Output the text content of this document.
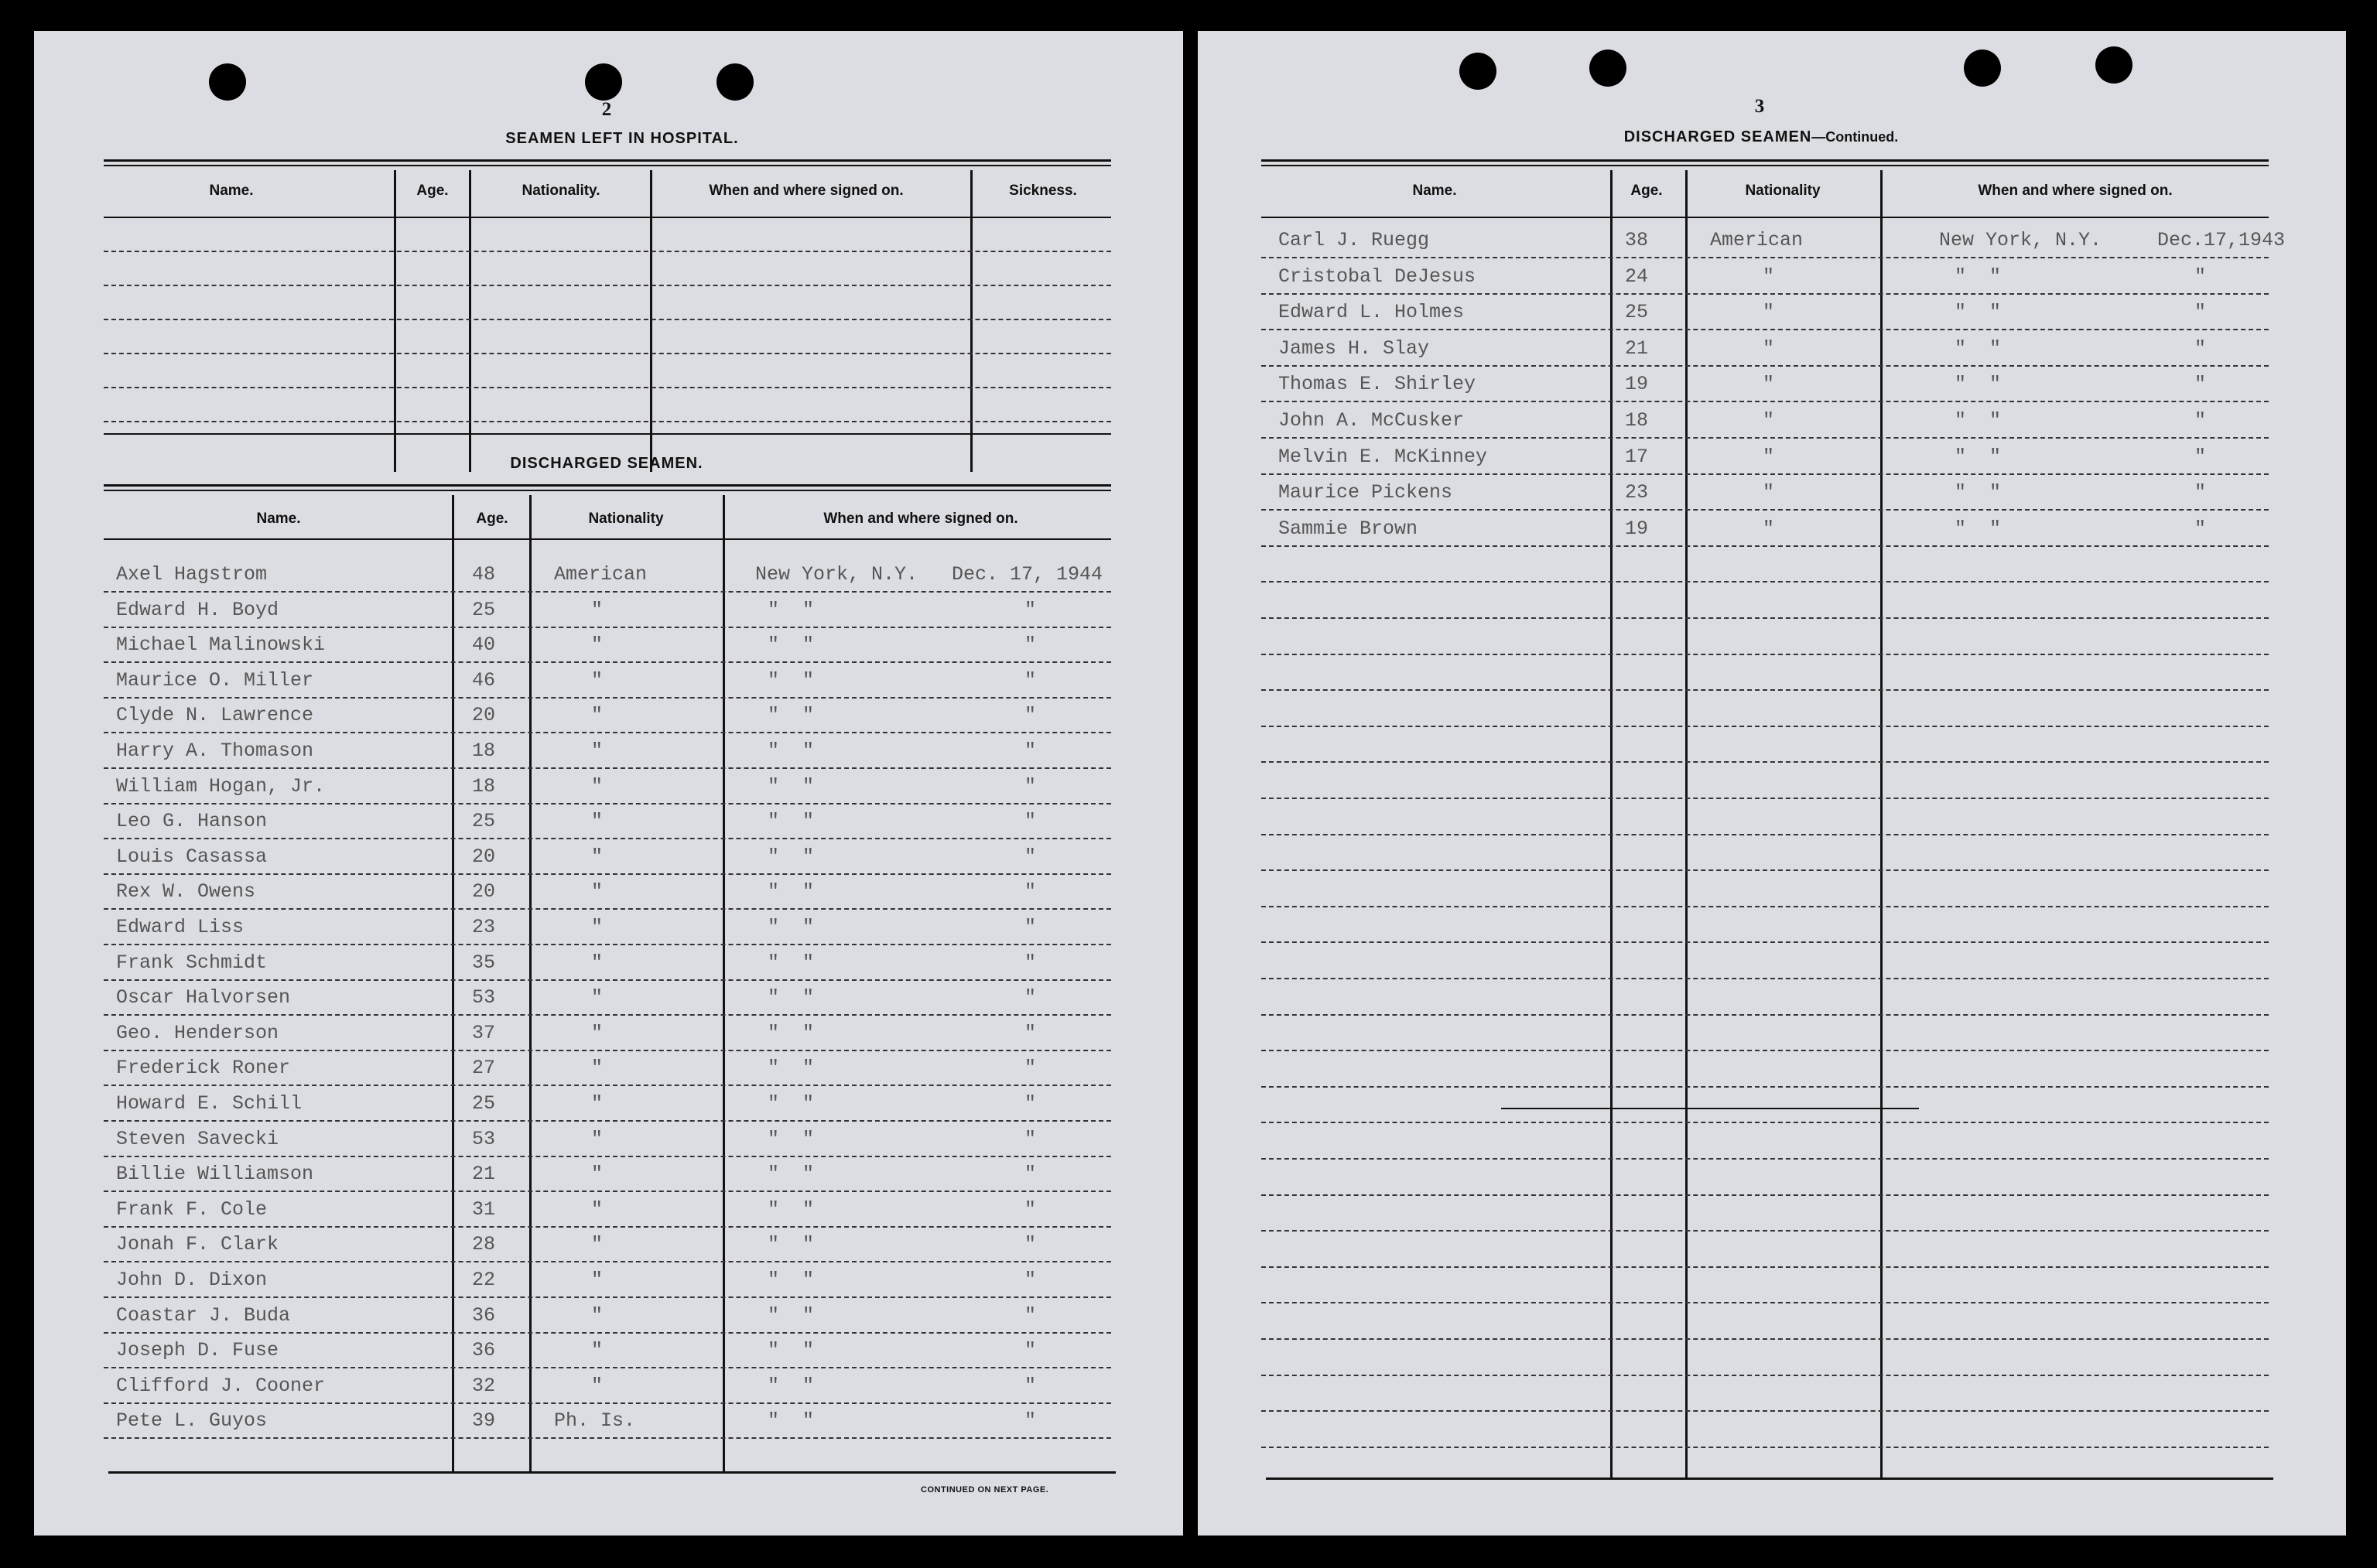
2
SEAMEN LEFT IN HOSPITAL.
Name.	Age.	Nationality.	When and where signed on.	Sickness.
DISCHARGED SEAMEN.
Name.	Age.	Nationality	When and where signed on.
Axel Hagstrom	48	American	New York, N.Y. Dec. 17, 1944
Edward H. Boyd	25	"	"  "	"
Michael Malinowski	40	"	"  "	"
Maurice O. Miller	46	"	"  "	"
Clyde N. Lawrence	20	"	"  "	"
Harry A. Thomason	18	"	"  "	"
William Hogan, Jr.	18	"	"  "	"
Leo G. Hanson	25	"	"  "	"
Louis Casassa	20	"	"  "	"
Rex W. Owens	20	"	"  "	"
Edward Liss	23	"	"  "	"
Frank Schmidt	35	"	"  "	"
Oscar Halvorsen	53	"	"  "	"
Geo. Henderson	37	"	"  "	"
Frederick Roner	27	"	"  "	"
Howard E. Schill	25	"	"  "	"
Steven Savecki	53	"	"  "	"
Billie Williamson	21	"	"  "	"
Frank F. Cole	31	"	"  "	"
Jonah F. Clark	28	"	"  "	"
John D. Dixon	22	"	"  "	"
Coastar J. Buda	36	"	"  "	"
Joseph D. Fuse	36	"	"  "	"
Clifford J. Cooner	32	"	"  "	"
Pete L. Guyos	39	Ph. Is.	"  "	"
CONTINUED ON NEXT PAGE.
3
DISCHARGED SEAMEN—Continued.
Name.	Age.	Nationality	When and where signed on.
Carl J. Ruegg	38	American	New York, N.Y.	Dec.17,1943
Cristobal DeJesus	24	"	"  "	"
Edward L. Holmes	25	"	"  "	"
James H. Slay	21	"	"  "	"
Thomas E. Shirley	19	"	"  "	"
John A. McCusker	18	"	"  "	"
Melvin E. McKinney	17	"	"  "	"
Maurice Pickens	23	"	"  "	"
Sammie Brown	19	"	"  "	"
